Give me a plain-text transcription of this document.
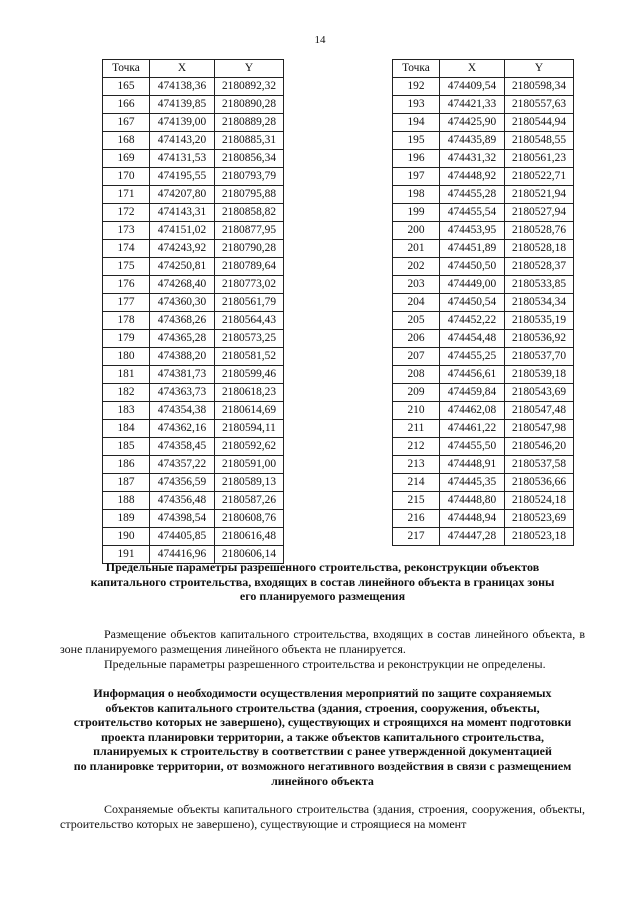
14
Точка	X	Y
165	474138,36	2180892,32
166	474139,85	2180890,28
167	474139,00	2180889,28
168	474143,20	2180885,31
169	474131,53	2180856,34
170	474195,55	2180793,79
171	474207,80	2180795,88
172	474143,31	2180858,82
173	474151,02	2180877,95
174	474243,92	2180790,28
175	474250,81	2180789,64
176	474268,40	2180773,02
177	474360,30	2180561,79
178	474368,26	2180564,43
179	474365,28	2180573,25
180	474388,20	2180581,52
181	474381,73	2180599,46
182	474363,73	2180618,23
183	474354,38	2180614,69
184	474362,16	2180594,11
185	474358,45	2180592,62
186	474357,22	2180591,00
187	474356,59	2180589,13
188	474356,48	2180587,26
189	474398,54	2180608,76
190	474405,85	2180616,48
191	474416,96	2180606,14
Точка	X	Y
192	474409,54	2180598,34
193	474421,33	2180557,63
194	474425,90	2180544,94
195	474435,89	2180548,55
196	474431,32	2180561,23
197	474448,92	2180522,71
198	474455,28	2180521,94
199	474455,54	2180527,94
200	474453,95	2180528,76
201	474451,89	2180528,18
202	474450,50	2180528,37
203	474449,00	2180533,85
204	474450,54	2180534,34
205	474452,22	2180535,19
206	474454,48	2180536,92
207	474455,25	2180537,70
208	474456,61	2180539,18
209	474459,84	2180543,69
210	474462,08	2180547,48
211	474461,22	2180547,98
212	474455,50	2180546,20
213	474448,91	2180537,58
214	474445,35	2180536,66
215	474448,80	2180524,18
216	474448,94	2180523,69
217	474447,28	2180523,18
Предельные параметры разрешенного строительства, реконструкции объектов
капитального строительства, входящих в состав линейного объекта в границах зоны
его планируемого размещения

Размещение объектов капитального строительства, входящих в состав линейного объекта, в зоне планируемого размещения линейного объекта не планируется.

Предельные параметры разрешенного строительства и реконструкции не определены.

Информация о необходимости осуществления мероприятий по защите сохраняемых
объектов капитального строительства (здания, строения, сооружения, объекты,
строительство которых не завершено), существующих и строящихся на момент подготовки
проекта планировки территории, а также объектов капитального строительства,
планируемых к строительству в соответствии с ранее утвержденной документацией
по планировке территории, от возможного негативного воздействия в связи с размещением
линейного объекта

Сохраняемые объекты капитального строительства (здания, строения, сооружения, объекты, строительство которых не завершено), существующие и строящиеся на момент
